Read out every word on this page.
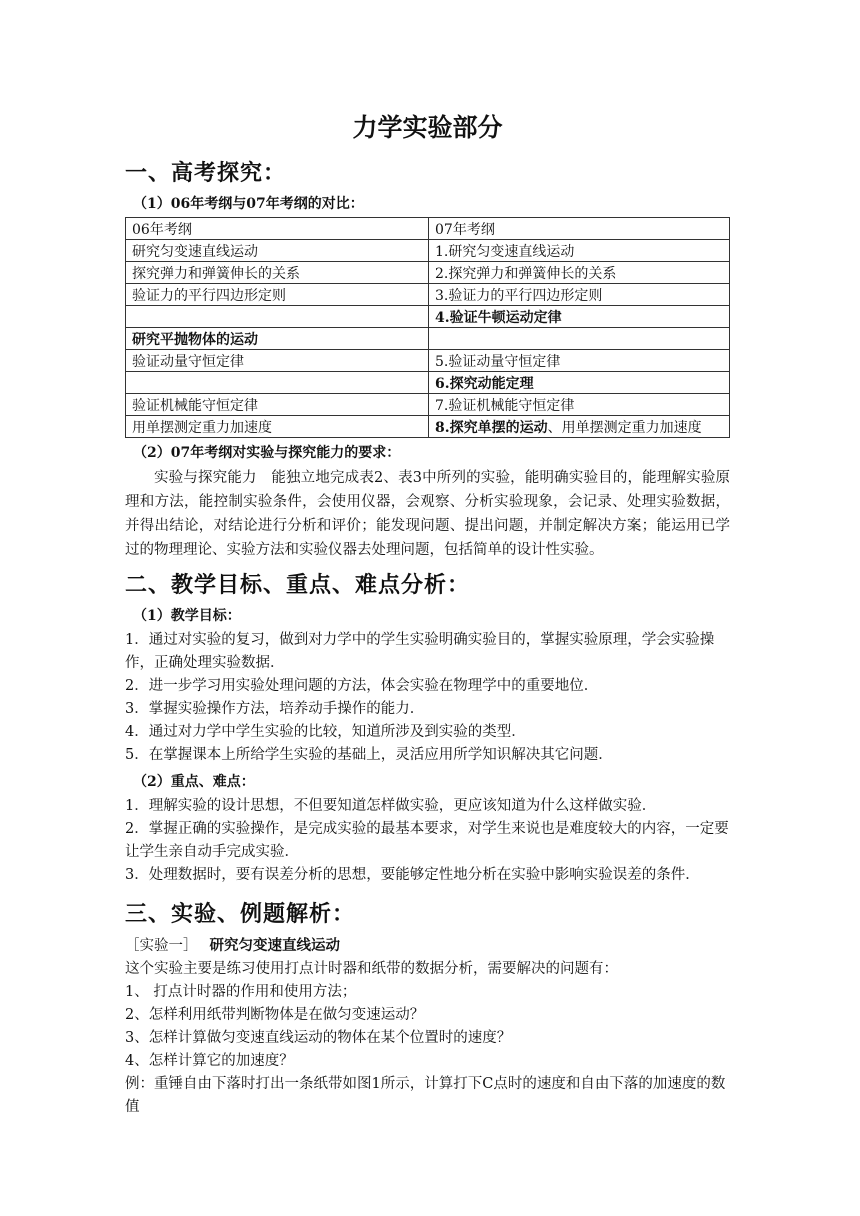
力学实验部分
一、高考探究：
（1）06年考纲与07年考纲的对比：
06年考纲	07年考纲
研究匀变速直线运动	1.研究匀变速直线运动
探究弹力和弹簧伸长的关系	2.探究弹力和弹簧伸长的关系
验证力的平行四边形定则	3.验证力的平行四边形定则
	4.验证牛顿运动定律
研究平抛物体的运动	
验证动量守恒定律	5.验证动量守恒定律
	6.探究动能定理
验证机械能守恒定律	7.验证机械能守恒定律
用单摆测定重力加速度	8.探究单摆的运动、用单摆测定重力加速度
（2）07年考纲对实验与探究能力的要求：

实验与探究能力　能独立地完成表2、表3中所列的实验，能明确实验目的，能理解实验原理和方法，能控制实验条件，会使用仪器，会观察、分析实验现象，会记录、处理实验数据，并得出结论，对结论进行分析和评价；能发现问题、提出问题，并制定解决方案；能运用已学过的物理理论、实验方法和实验仪器去处理问题，包括简单的设计性实验。

二、教学目标、重点、难点分析：
（1）教学目标：

1．通过对实验的复习，做到对力学中的学生实验明确实验目的，掌握实验原理，学会实验操作，正确处理实验数据．

2．进一步学习用实验处理问题的方法，体会实验在物理学中的重要地位．

3．掌握实验操作方法，培养动手操作的能力．

4．通过对力学中学生实验的比较，知道所涉及到实验的类型．

5．在掌握课本上所给学生实验的基础上，灵活应用所学知识解决其它问题．

（2）重点、难点：

1．理解实验的设计思想，不但要知道怎样做实验，更应该知道为什么这样做实验．

2．掌握正确的实验操作，是完成实验的最基本要求，对学生来说也是难度较大的内容，一定要让学生亲自动手完成实验．

3．处理数据时，要有误差分析的思想，要能够定性地分析在实验中影响实验误差的条件．

三、实验、例题解析：

［实验一］ 研究匀变速直线运动

这个实验主要是练习使用打点计时器和纸带的数据分析，需要解决的问题有：

1、 打点计时器的作用和使用方法；

2、怎样利用纸带判断物体是在做匀变速运动？

3、怎样计算做匀变速直线运动的物体在某个位置时的速度？

4、怎样计算它的加速度？

例：重锤自由下落时打出一条纸带如图1所示，计算打下C点时的速度和自由下落的加速度的数值
